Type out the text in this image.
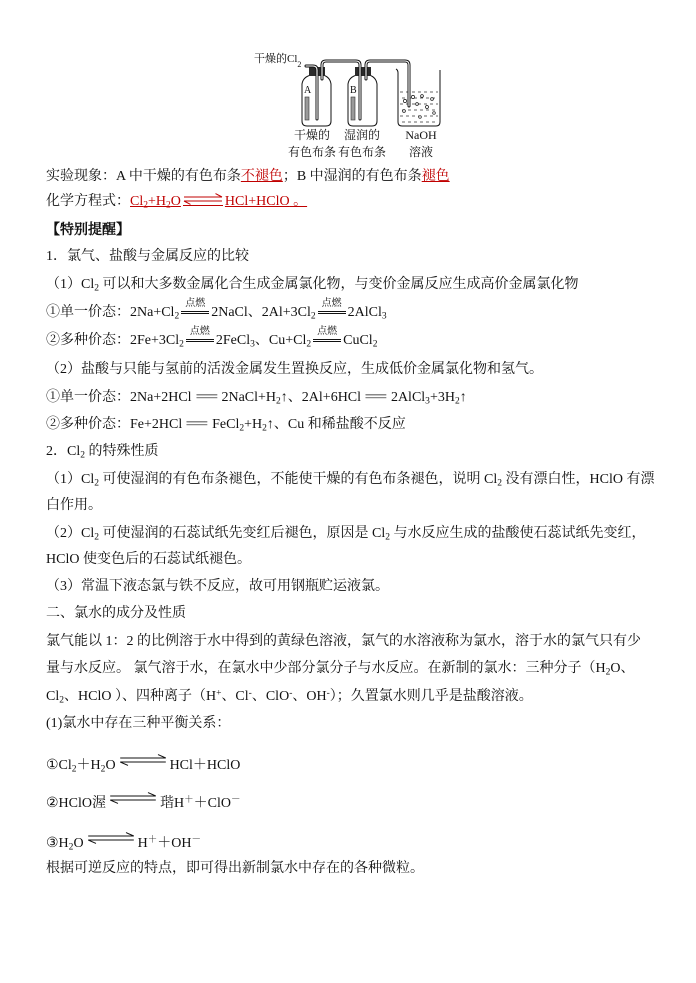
干燥的$Cl_2$
A	B
干燥的
有色布条
湿润的
有色布条
NaOH
溶液
实验现象：A 中干燥的有色布条不褪色；B 中湿润的有色布条褪色
化学方程式：$Cl_2+H_2O$ ⇌ HCl+HClO 。
【特别提醒】
1．氯气、盐酸与金属反应的比较
$(1)Cl_2$ 可以和大多数金属化合生成金属氯化物，与变价金属反应生成高价金属氯化物
①单一价态：$2Na+Cl_2$
点燃
2NaCl、$2Al+3Cl_2$
点燃
2AlCl$_3$
②多种价态：$2Fe+3Cl_2$
点燃
2FeCl$_3$、$Cu+Cl_2$
点燃
CuCl$_2$
（2）盐酸与只能与氢前的活泼金属发生置换反应，生成低价金属氯化物和氢气。
①单一价态：$2Na+2HCl = 2NaCl+H_2↑$、$2Al+6HCl = 2AlCl_3+3H_2↑$
②多种价态：$Fe+2HCl = FeCl_2+H_2↑$、Cu 和稀盐酸不反应
2．$Cl_2$ 的特殊性质
$(1)Cl_2$ 可使湿润的有色布条褪色，不能使干燥的有色布条褪色，说明 $Cl_2$ 没有漂白性，HClO 有漂
白作用。
$(2)Cl_2$ 可使湿润的石蕊试纸先变红后褪色，原因是 $Cl_2$ 与水反应生成的盐酸使石蕊试纸先变红，
HClO 使变色后的石蕊试纸褪色。
（3）常温下液态氯与铁不反应，故可用钢瓶贮运液氯。
二、氯水的成分及性质
氯气能以 1：2 的比例溶于水中得到的黄绿色溶液，氯气的水溶液称为氯水，溶于水的氯气只有少
量与水反应。 氯气溶于水，在氯水中少部分氯分子与水反应。在新制的氯水：三种分子（$H_2O$、
$Cl_2$、HClO ）、四种离子（H+、Cl-、ClO-、OH-）；久置氯水则几乎是盐酸溶液。
(1)氯水中存在三种平衡关系：
$①Cl_2+H_2O$ ⇌ HCl＋HClO
②HClO渥 ⇌ 瑎H＋＋ClO－
$③H_2O$ ⇌ H＋＋OH－
根据可逆反应的特点，即可得出新制氯水中存在的各种微粒。
